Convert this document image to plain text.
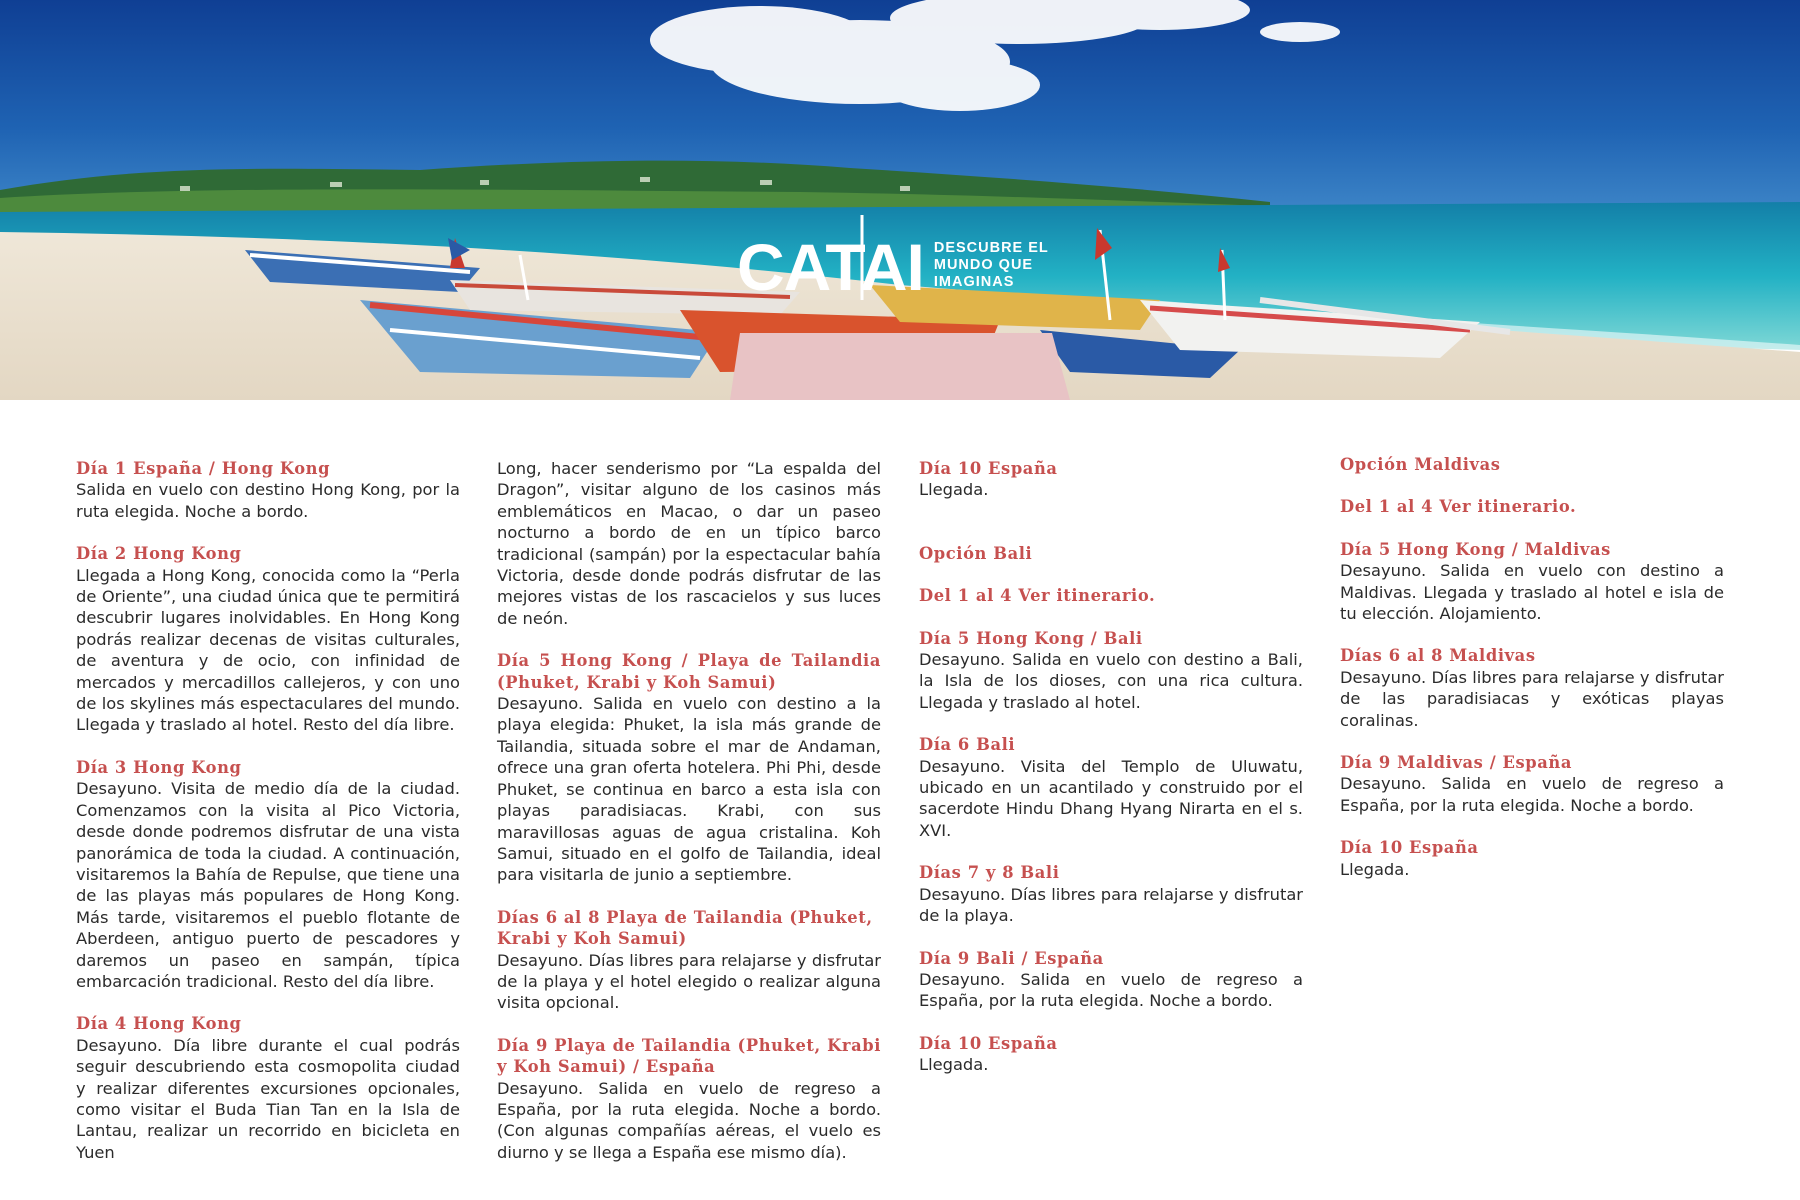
CATAI DESCUBRE EL
MUNDO QUE
IMAGINAS
Día 1 España / Hong Kong
Salida en vuelo con destino Hong Kong, por la ruta elegida. Noche a bordo.
Día 2 Hong Kong
Llegada a Hong Kong, conocida como la “Perla de Oriente”, una ciudad única que te permitirá descubrir lugares inolvidables. En Hong Kong podrás realizar decenas de visitas culturales, de aventura y de ocio, con infinidad de mercados y mercadillos callejeros, y con uno de los skylines más espectaculares del mundo. Llegada y traslado al hotel. Resto del día libre.
Día 3 Hong Kong
Desayuno. Visita de medio día de la ciudad. Comenzamos con la visita al Pico Victoria, desde donde podremos disfrutar de una vista panorámica de toda la ciudad. A continuación, visitaremos la Bahía de Repulse, que tiene una de las playas más populares de Hong Kong. Más tarde, visitaremos el pueblo flotante de Aberdeen, antiguo puerto de pescadores y daremos un paseo en sampán, típica embarcación tradicional. Resto del día libre.
Día 4 Hong Kong
Desayuno. Día libre durante el cual podrás seguir descubriendo esta cosmopolita ciudad y realizar diferentes excursiones opcionales, como visitar el Buda Tian Tan en la Isla de Lantau, realizar un recorrido en bicicleta en Yuen
Long, hacer senderismo por “La espalda del Dragon”, visitar alguno de los casinos más emblemáticos en Macao, o dar un paseo nocturno a bordo de en un típico barco tradicional (sampán) por la espectacular bahía Victoria, desde donde podrás disfrutar de las mejores vistas de los rascacielos y sus luces de neón.
Día 5 Hong Kong / Playa de Tailandia (Phuket, Krabi y Koh Samui)
Desayuno. Salida en vuelo con destino a la playa elegida: Phuket, la isla más grande de Tailandia, situada sobre el mar de Andaman, ofrece una gran oferta hotelera. Phi Phi, desde Phuket, se continua en barco a esta isla con playas paradisiacas. Krabi, con sus maravillosas aguas de agua cristalina. Koh Samui, situado en el golfo de Tailandia, ideal para visitarla de junio a septiembre.
Días 6 al 8 Playa de Tailandia (Phuket, Krabi y Koh Samui)
Desayuno. Días libres para relajarse y disfrutar de la playa y el hotel elegido o realizar alguna visita opcional.
Día 9 Playa de Tailandia (Phuket, Krabi y Koh Samui) / España
Desayuno. Salida en vuelo de regreso a España, por la ruta elegida. Noche a bordo. (Con algunas compañías aéreas, el vuelo es diurno y se llega a España ese mismo día).
Día 10 España
Llegada.
Opción Bali
Del 1 al 4 Ver itinerario.
Día 5 Hong Kong / Bali
Desayuno. Salida en vuelo con destino a Bali, la Isla de los dioses, con una rica cultura. Llegada y traslado al hotel.
Día 6 Bali
Desayuno. Visita del Templo de Uluwatu, ubicado en un acantilado y construido por el sacerdote Hindu Dhang Hyang Nirarta en el s. XVI.
Días 7 y 8 Bali
Desayuno. Días libres para relajarse y disfrutar de la playa.
Día 9 Bali / España
Desayuno. Salida en vuelo de regreso a España, por la ruta elegida. Noche a bordo.
Día 10 España
Llegada.
Opción Maldivas
Del 1 al 4 Ver itinerario.
Día 5 Hong Kong / Maldivas
Desayuno. Salida en vuelo con destino a Maldivas. Llegada y traslado al hotel e isla de tu elección. Alojamiento.
Días 6 al 8 Maldivas
Desayuno. Días libres para relajarse y disfrutar de las paradisiacas y exóticas playas coralinas.
Día 9 Maldivas / España
Desayuno. Salida en vuelo de regreso a España, por la ruta elegida. Noche a bordo.
Día 10 España
Llegada.
